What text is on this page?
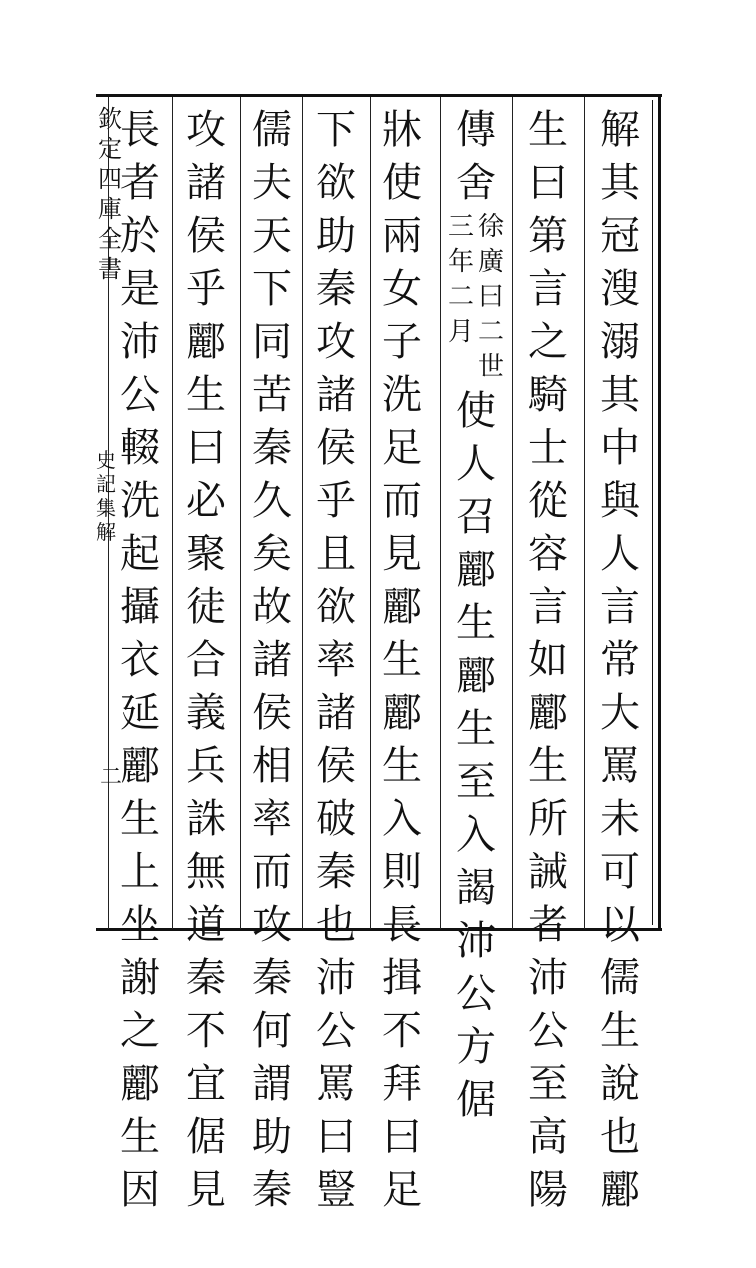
解
其
冠
溲
溺
其
中
與
人
言
常
大
罵
未
可
以
儒
生
說
也
酈
生
曰
第
言
之
騎
士
從
容
言
如
酈
生
所
誡
者
沛
公
至
高
陽
傳
舍
徐
廣
曰
二
世
三
年
二
月
使
人
召
酈
生
酈
生
至
入
謁
沛
公
方
倨
牀
使
兩
女
子
洗
足
而
見
酈
生
酈
生
入
則
長
揖
不
拜
曰
足
下
欲
助
秦
攻
諸
侯
乎
且
欲
率
諸
侯
破
秦
也
沛
公
罵
曰
豎
儒
夫
天
下
同
苦
秦
久
矣
故
諸
侯
相
率
而
攻
秦
何
謂
助
秦
攻
諸
侯
乎
酈
生
曰
必
聚
徒
合
義
兵
誅
無
道
秦
不
宜
倨
見
長
者
於
是
沛
公
輟
洗
起
攝
衣
延
酈
生
上
坐
謝
之
酈
生
因
欽
定
四
庫
全
書
史
記
集
解
二
